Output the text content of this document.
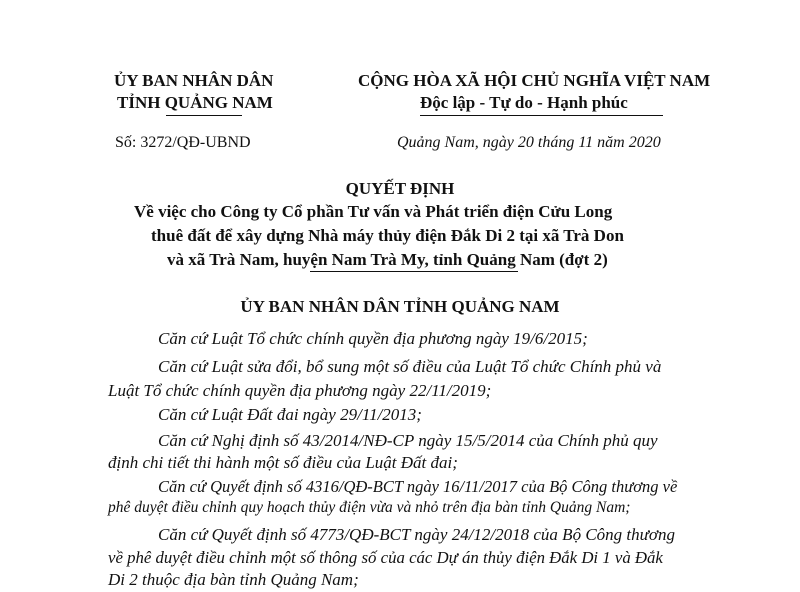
ỦY BAN NHÂN DÂN
TỈNH QUẢNG NAM
CỘNG HÒA XÃ HỘI CHỦ NGHĨA VIỆT NAM
Độc lập - Tự do - Hạnh phúc
Số: 3272/QĐ-UBND	Quảng Nam, ngày 20 tháng 11 năm 2020
QUYẾT ĐỊNH
Về việc cho Công ty Cổ phần Tư vấn và Phát triển điện Cửu Long
thuê đất để xây dựng Nhà máy thủy điện Đắk Di 2 tại xã Trà Don
và xã Trà Nam, huyện Nam Trà My, tỉnh Quảng Nam (đợt 2)
ỦY BAN NHÂN DÂN TỈNH QUẢNG NAM
Căn cứ Luật Tổ chức chính quyền địa phương ngày 19/6/2015;
Căn cứ Luật sửa đổi, bổ sung một số điều của Luật Tổ chức Chính phủ và
Luật Tổ chức chính quyền địa phương ngày 22/11/2019;
Căn cứ Luật Đất đai ngày 29/11/2013;
Căn cứ Nghị định số 43/2014/NĐ-CP ngày 15/5/2014 của Chính phủ quy
định chi tiết thi hành một số điều của Luật Đất đai;
Căn cứ Quyết định số 4316/QĐ-BCT ngày 16/11/2017 của Bộ Công thương về
phê duyệt điều chỉnh quy hoạch thủy điện vừa và nhỏ trên địa bàn tỉnh Quảng Nam;
Căn cứ Quyết định số 4773/QĐ-BCT ngày 24/12/2018 của Bộ Công thương
về phê duyệt điều chỉnh một số thông số của các Dự án thủy điện Đắk Di 1 và Đắk
Di 2 thuộc địa bàn tỉnh Quảng Nam;
